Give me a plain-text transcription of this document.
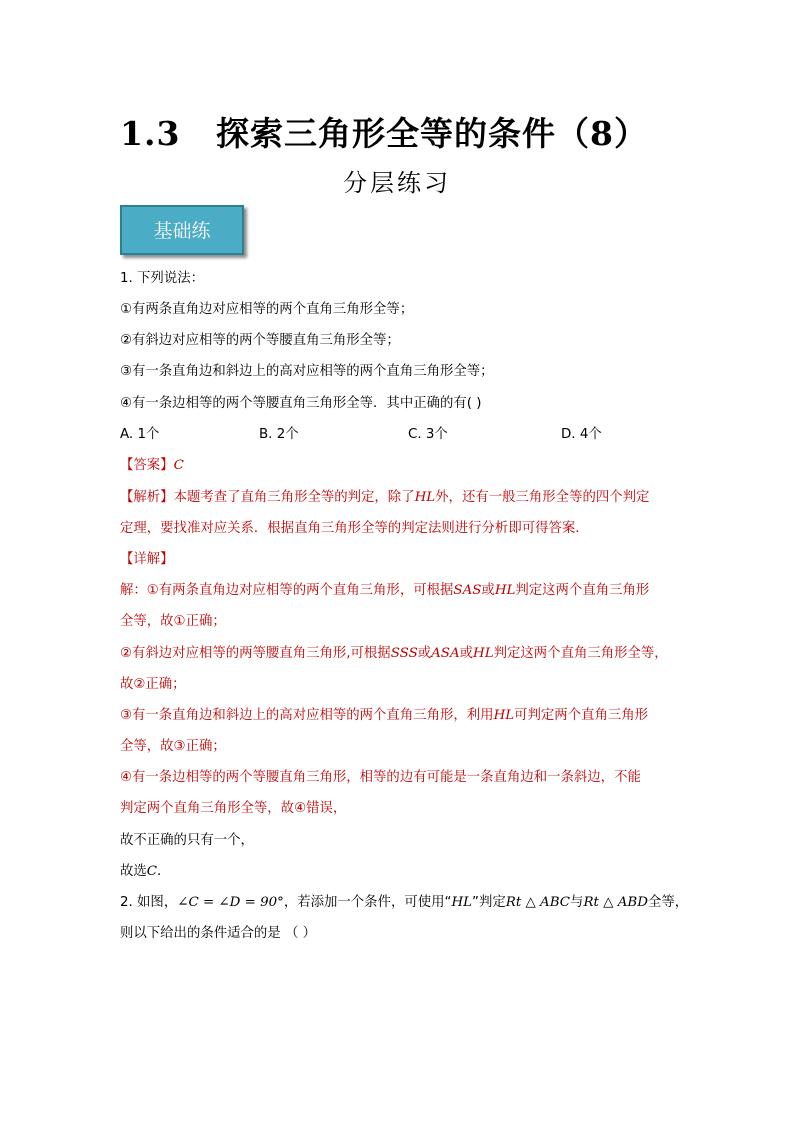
1.3 探索三角形全等的条件（8）
分层练习
基础练
1. 下列说法：
①有两条直角边对应相等的两个直角三角形全等；
②有斜边对应相等的两个等腰直角三角形全等；
③有一条直角边和斜边上的高对应相等的两个直角三角形全等；
④有一条边相等的两个等腰直角三角形全等．其中正确的有( )
A. 1个	B. 2个	C. 3个	D. 4个
【答案】C
【解析】本题考查了直角三角形全等的判定，除了HL外，还有一般三角形全等的四个判定
定理，要找准对应关系．根据直角三角形全等的判定法则进行分析即可得答案．
【详解】
解：①有两条直角边对应相等的两个直角三角形，可根据SAS或HL判定这两个直角三角形
全等，故①正确；
②有斜边对应相等的两等腰直角三角形,可根据SSS或ASA或HL判定这两个直角三角形全等，
故②正确；
③有一条直角边和斜边上的高对应相等的两个直角三角形，利用HL可判定两个直角三角形
全等，故③正确；
④有一条边相等的两个等腰直角三角形，相等的边有可能是一条直角边和一条斜边，不能
判定两个直角三角形全等，故④错误，
故不正确的只有一个，
故选C.
2. 如图，∠C = ∠D = 90°，若添加一个条件，可使用“HL”判定Rt △ ABC与Rt △ ABD全等，
则以下给出的条件适合的是 （ ）
